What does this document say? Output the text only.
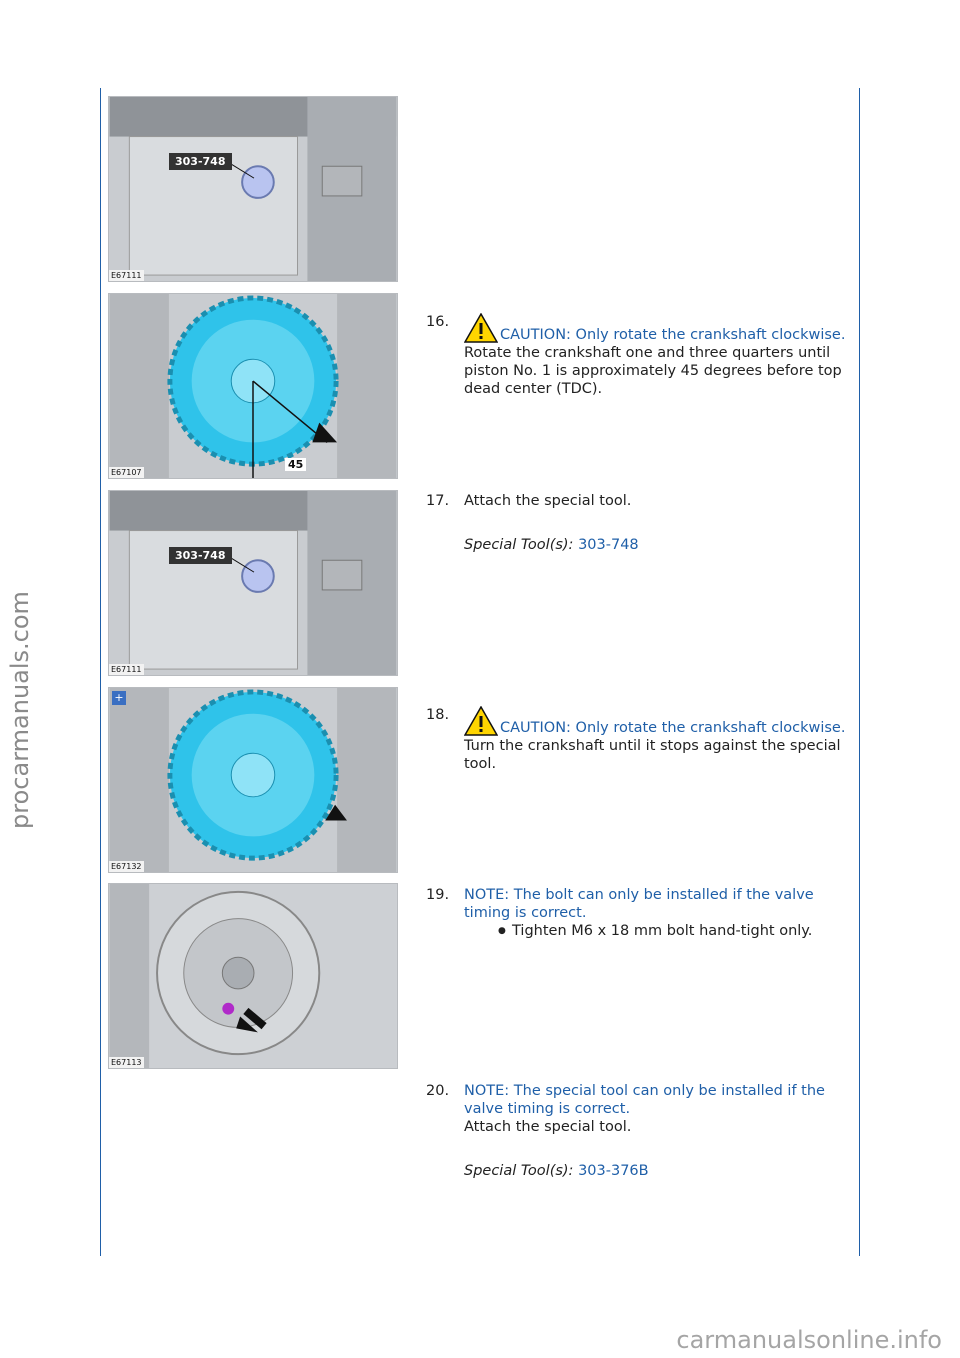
procarmanuals.com
carmanualsonline.info
303-748
E67111
45
E67107
303-748
E67111
+
E67132
E67113
16.
CAUTION: Only rotate the crankshaft clockwise.
Rotate the crankshaft one and three quarters until piston No. 1 is approximately 45 degrees before top dead center (TDC).
17. Attach the special tool.
Special Tool(s): 303-748
18.
CAUTION: Only rotate the crankshaft clockwise.
Turn the crankshaft until it stops against the special tool.
19. NOTE: The bolt can only be installed if the valve timing is correct.
● Tighten M6 x 18 mm bolt hand-tight only.
20. NOTE: The special tool can only be installed if the valve timing is correct.
Attach the special tool.
Special Tool(s): 303-376B
